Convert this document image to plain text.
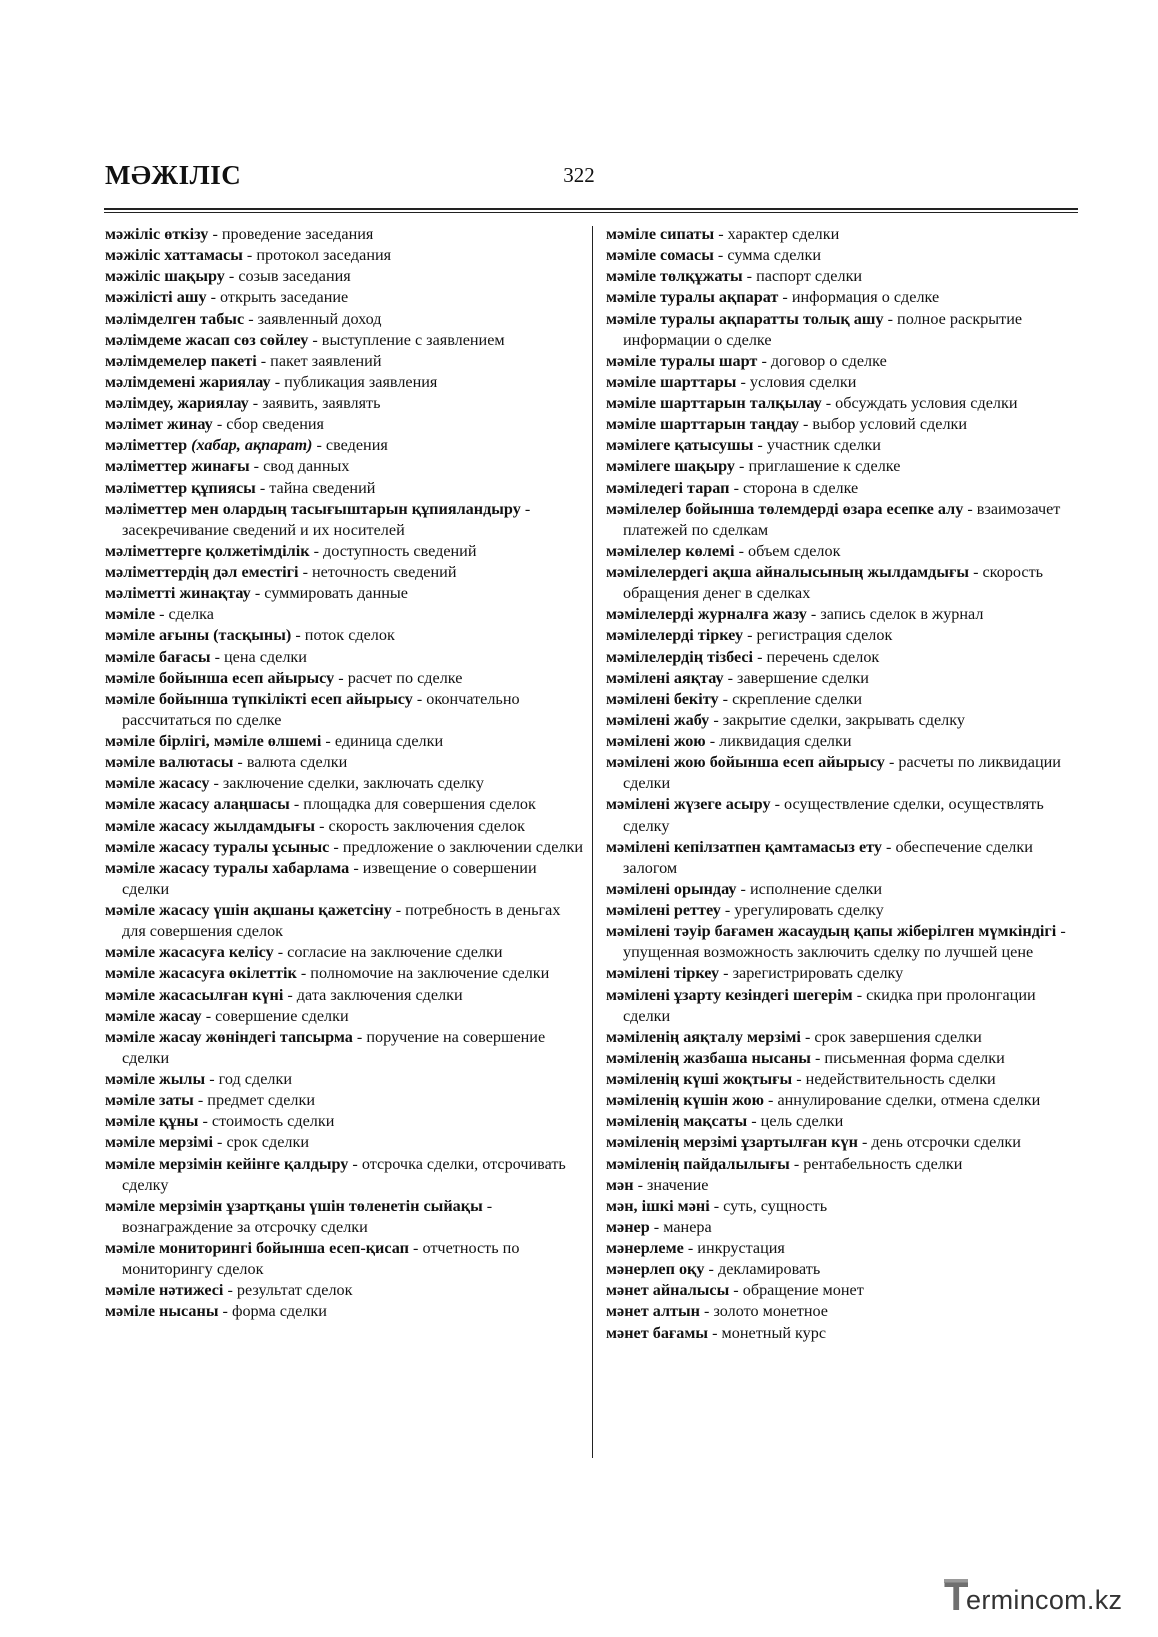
МӘЖІЛІС	322

мәжіліс өткізу - проведение заседания

мәжіліс хаттамасы - протокол заседания

мәжіліс шақыру - созыв заседания

мәжілісті ашу - открыть заседание

мәлімделген табыс - заявленный доход

мәлімдеме жасап сөз сөйлеу - выступление с заявлением

мәлімдемелер пакеті - пакет заявлений

мәлімдемені жариялау - публикация заявления

мәлімдеу, жариялау - заявить, заявлять

мәлімет жинау - сбор сведения

мәліметтер (хабар, ақпарат) - сведения

мәліметтер жинағы - свод данных

мәліметтер құпиясы - тайна сведений

мәліметтер мен олардың тасығыштарын құпияландыру - засекречивание сведений и их носителей

мәліметтерге қолжетімділік - доступность сведений

мәліметтердің дәл еместігі - неточность сведений

мәліметті жинақтау - суммировать данные

мәміле - сделка

мәміле ағыны (тасқыны) - поток сделок

мәміле бағасы - цена сделки

мәміле бойынша есеп айырысу - расчет по сделке

мәміле бойынша түпкілікті есеп айырысу - окончательно рассчитаться по сделке

мәміле бірлігі, мәміле өлшемі - единица сделки

мәміле валютасы - валюта сделки

мәміле жасасу - заключение сделки, заключать сделку

мәміле жасасу алаңшасы - площадка для совершения сделок

мәміле жасасу жылдамдығы - скорость заключения сделок

мәміле жасасу туралы ұсыныс - предложение о заключении сделки

мәміле жасасу туралы хабарлама - извещение о совершении сделки

мәміле жасасу үшін ақшаны қажетсіну - потребность в деньгах для совершения сделок

мәміле жасасуға келісу - согласие на заключение сделки

мәміле жасасуға өкілеттік - полномочие на заключение сделки

мәміле жасасылған күні - дата заключения сделки

мәміле жасау - совершение сделки

мәміле жасау жөніндегі тапсырма - поручение на совершение сделки

мәміле жылы - год сделки

мәміле заты - предмет сделки

мәміле құны - стоимость сделки

мәміле мерзімі - срок сделки

мәміле мерзімін кейінге қалдыру - отсрочка сделки, отсрочивать сделку

мәміле мерзімін ұзартқаны үшін төленетін сыйақы - вознаграждение за отсрочку сделки

мәміле мониторингі бойынша есеп-қисап - отчетность по мониторингу сделок

мәміле нәтижесі - результат сделок

мәміле нысаны - форма сделки

мәміле сипаты - характер сделки

мәміле сомасы - сумма сделки

мәміле төлқұжаты - паспорт сделки

мәміле туралы ақпарат - информация о сделке

мәміле туралы ақпаратты толық ашу - полное раскрытие информации о сделке

мәміле туралы шарт - договор о сделке

мәміле шарттары - условия сделки

мәміле шарттарын талқылау - обсуждать условия сделки

мәміле шарттарын таңдау - выбор условий сделки

мәмілеге қатысушы - участник сделки

мәмілеге шақыру - приглашение к сделке

мәмiледегi тарап - сторона в сделке

мәмілелер бойынша төлемдерді өзара есепке алу - взаимозачет платежей по сделкам

мәмілелер көлемі - объем сделок

мәмілелердегі ақша айналысының жылдамдығы - скорость обращения денег в сделках

мәмілелерді журналға жазу - запись сделок в журнал

мәмілелерді тіркеу - регистрация сделок

мәмілелердің тізбесі - перечень сделок

мәмілені аяқтау - завершение сделки

мәмілені бекіту - скрепление сделки

мәмілені жабу - закрытие сделки, закрывать сделку

мәмілені жою - ликвидация сделки

мәмілені жою бойынша есеп айырысу - расчеты по ликвидации сделки

мәмілені жүзеге асыру - осуществление сделки, осуществлять сделку

мәмілені кепілзатпен қамтамасыз ету - обеспечение сделки залогом

мәмілені орындау - исполнение сделки

мәмілені реттеу - урегулировать сделку

мәмілені тәуір бағамен жасаудың қапы жіберілген мүмкіндігі - упущенная возможность заключить сделку по лучшей цене

мәмілені тіркеу - зарегистрировать сделку

мәмілені ұзарту кезіндегі шегерім - скидка при пролонгации сделки

мәміленің аяқталу мерзімі - срок завершения сделки

мәміленің жазбаша нысаны - письменная форма сделки

мәміленің күші жоқтығы - недействительность сделки

мәміленің күшін жою - аннулирование сделки, отмена сделки

мәміленің мақсаты - цель сделки

мәміленің мерзімі ұзартылған күн - день отсрочки сделки

мәміленің пайдалылығы - рентабельность сделки

мән - значение

мән, ішкі мәні - суть, сущность

мәнер - манера

мәнерлеме - инкрустация

мәнерлеп оқу - декламировать

мәнет айналысы - обращение монет

мәнет алтын - золото монетное

мәнет бағамы - монетный курс

T
ermincom.kz
